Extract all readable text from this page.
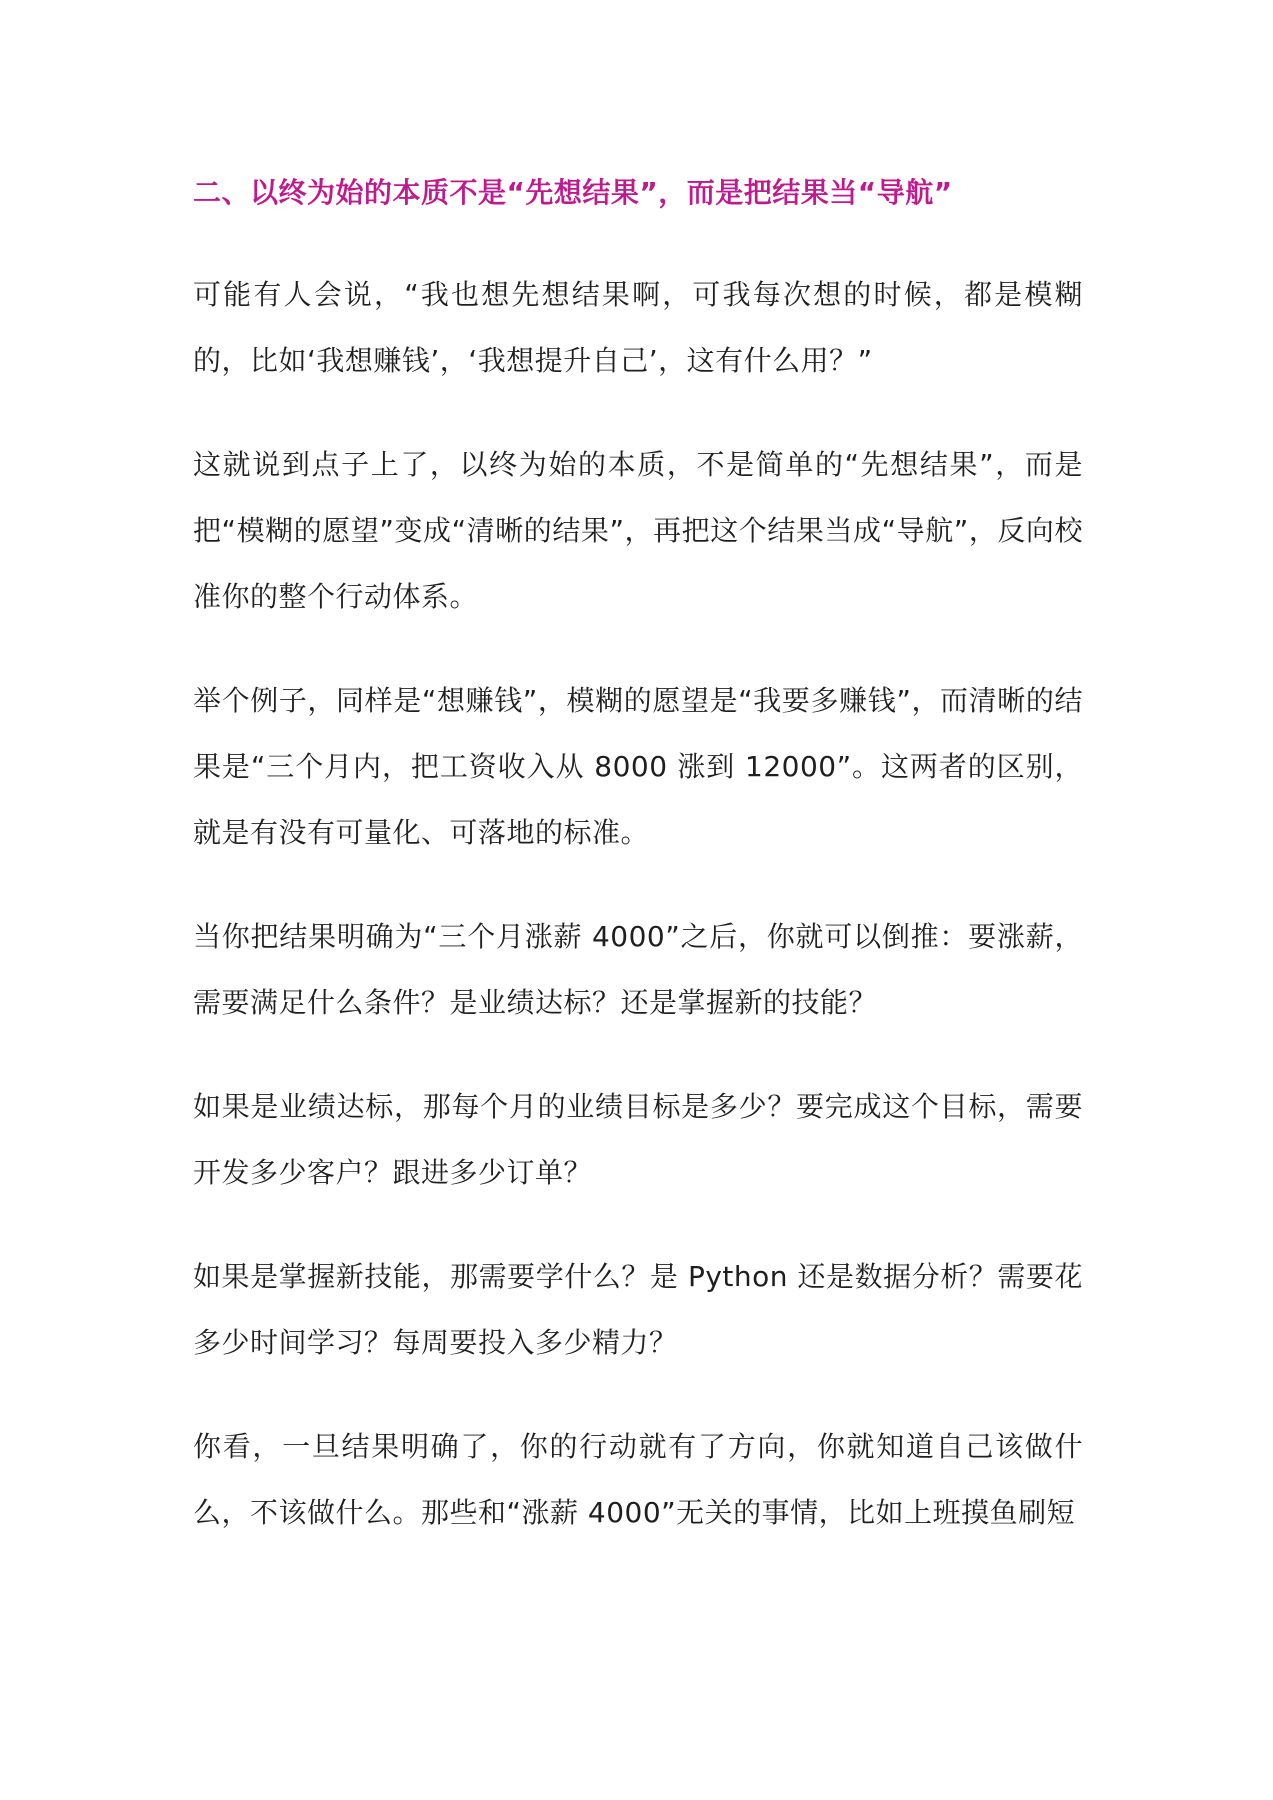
二、以终为始的本质不是“先想结果”，而是把结果当“导航”

可能有人会说，“我也想先想结果啊，可我每次想的时候，都是模糊的，比如‘我想赚钱’，‘我想提升自己’，这有什么用？”

这就说到点子上了，以终为始的本质，不是简单的“先想结果”，而是把“模糊的愿望”变成“清晰的结果”，再把这个结果当成“导航”，反向校准你的整个行动体系。

举个例子，同样是“想赚钱”，模糊的愿望是“我要多赚钱”，而清晰的结果是“三个月内，把工资收入从 8000 涨到 12000”。这两者的区别，就是有没有可量化、可落地的标准。

当你把结果明确为“三个月涨薪 4000”之后，你就可以倒推：要涨薪，需要满足什么条件？是业绩达标？还是掌握新的技能？

如果是业绩达标，那每个月的业绩目标是多少？要完成这个目标，需要开发多少客户？跟进多少订单？

如果是掌握新技能，那需要学什么？是 Python 还是数据分析？需要花多少时间学习？每周要投入多少精力？

你看，一旦结果明确了，你的行动就有了方向，你就知道自己该做什么，不该做什么。那些和“涨薪 4000”无关的事情，比如上班摸鱼刷短
